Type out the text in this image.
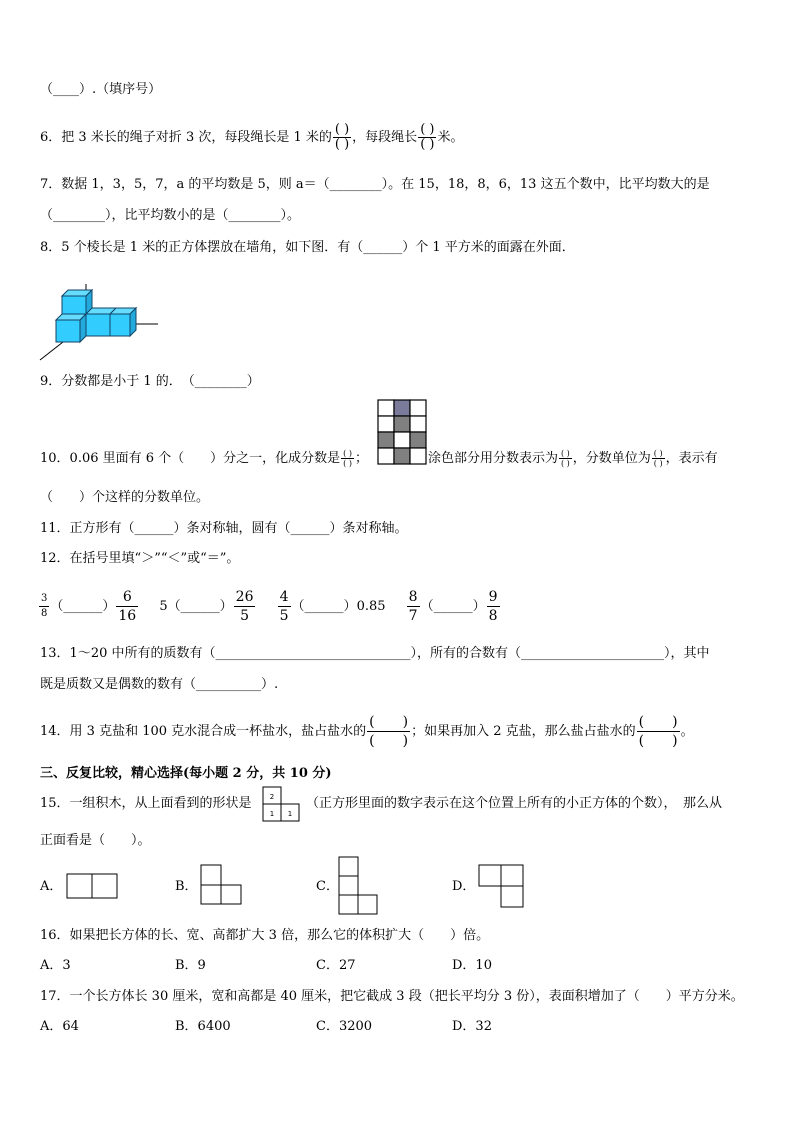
（____）.（填序号）
6．把 3 米长的绳子对折 3 次，每段绳长是 1 米的 $\frac{( )}{( )}$ ，每段绳长 $\frac{( )}{( )}$ 米。
7．数据 1，3，5，7，a 的平均数是 5，则 a＝（________）。在 15，18，8，6，13 这五个数中，比平均数大的是
（________），比平均数小的是（________）。
8．5 个棱长是 1 米的正方体摆放在墙角，如下图．有（______）个 1 平方米的面露在外面．
9．分数都是小于 1 的．　（________）
10．0.06 里面有 6 个（　　）分之一，化成分数是 $\frac{( )}{( )}$ ；	涂色部分用分数表示为 $\frac{( )}{( )}$ ，分数单位为 $\frac{( )}{( )}$ ，表示有
（　　）个这样的分数单位。
11．正方形有（______）条对称轴，圆有（______）条对称轴。
12．在括号里填“＞”“＜”或“＝”。
$\frac{3}{8}$ （______） $\frac{6}{16}$ 5（______） $\frac{26}{5}$
$\frac{4}{5}$ （______）0.85 $\frac{8}{7}$ （______） $\frac{9}{8}$
13．1～20 中所有的质数有（______________________________），所有的合数有（______________________），其中
既是质数又是偶数的数有（__________）.
14．用 3 克盐和 100 克水混合成一杯盐水，盐占盐水的 $\frac{( )}{( )}$ ；如果再加入 2 克盐，那么盐占盐水的 $\frac{( )}{( )}$ 。
三、反复比较，精心选择(每小题 2 分，共 10 分)
15．一组积木，从上面看到的形状是	2
1 1
（正方形里面的数字表示在这个位置上所有的小正方体的个数），　那么从
正面看是（　　）。
A．	B．	C．	D．
16．如果把长方体的长、宽、高都扩大 3 倍，那么它的体积扩大（　　）倍。
A．3	B．9	C．27	D．10
17．一个长方体长 30 厘米，宽和高都是 40 厘米，把它截成 3 段（把长平均分 3 份），表面积增加了（　　）平方分米。
A．64	B．6400	C．3200	D．32
